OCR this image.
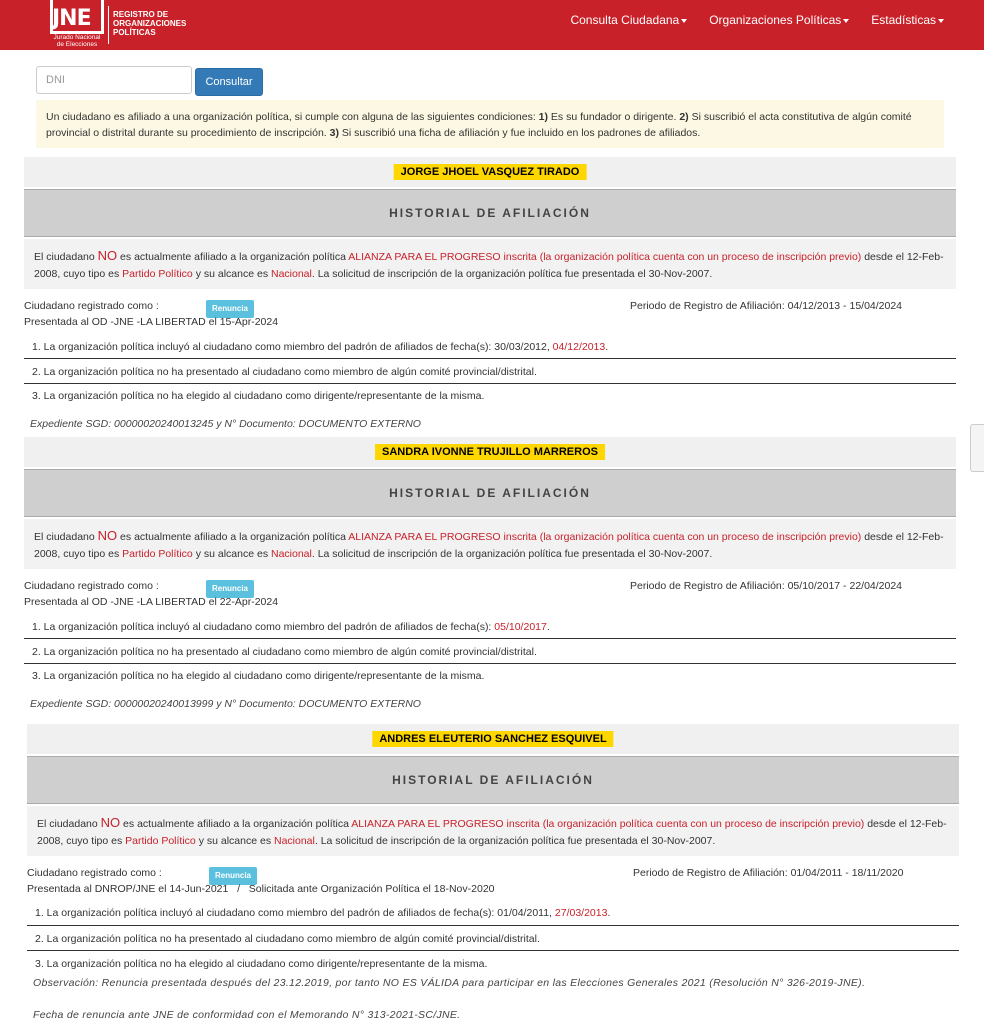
JNE
Jurado Nacional de Elecciones
REGISTRO DE ORGANIZACIONES POLÍTICAS
Consulta Ciudadana	Organizaciones Políticas	Estadísticas
DNI
Consultar
Un ciudadano es afiliado a una organización política, si cumple con alguna de las siguientes condiciones: 1) Es su fundador o dirigente. 2) Si suscribió el acta constitutiva de algún comité provincial o distrital durante su procedimiento de inscripción. 3) Si suscribió una ficha de afiliación y fue incluido en los padrones de afiliados.
JORGE JHOEL VASQUEZ TIRADO
HISTORIAL DE AFILIACIÓN
El ciudadano NO es actualmente afiliado a la organización política ALIANZA PARA EL PROGRESO inscrita (la organización política cuenta con un proceso de inscripción previo) desde el 12-Feb-2008, cuyo tipo es Partido Político y su alcance es Nacional. La solicitud de inscripción de la organización política fue presentada el 30-Nov-2007.
Ciudadano registrado como :	Renuncia	Periodo de Registro de Afiliación: 04/12/2013 - 15/04/2024
Presentada al OD -JNE -LA LIBERTAD el 15-Apr-2024
1. La organización política incluyó al ciudadano como miembro del padrón de afiliados de fecha(s): 30/03/2012, 04/12/2013.
2. La organización política no ha presentado al ciudadano como miembro de algún comité provincial/distrital.
3. La organización política no ha elegido al ciudadano como dirigente/representante de la misma.
Expediente SGD: 00000020240013245 y N° Documento: DOCUMENTO EXTERNO
SANDRA IVONNE TRUJILLO MARREROS
HISTORIAL DE AFILIACIÓN
El ciudadano NO es actualmente afiliado a la organización política ALIANZA PARA EL PROGRESO inscrita (la organización política cuenta con un proceso de inscripción previo) desde el 12-Feb-2008, cuyo tipo es Partido Político y su alcance es Nacional. La solicitud de inscripción de la organización política fue presentada el 30-Nov-2007.
Ciudadano registrado como :	Renuncia	Periodo de Registro de Afiliación: 05/10/2017 - 22/04/2024
Presentada al OD -JNE -LA LIBERTAD el 22-Apr-2024
1. La organización política incluyó al ciudadano como miembro del padrón de afiliados de fecha(s): 05/10/2017.
2. La organización política no ha presentado al ciudadano como miembro de algún comité provincial/distrital.
3. La organización política no ha elegido al ciudadano como dirigente/representante de la misma.
Expediente SGD: 00000020240013999 y N° Documento: DOCUMENTO EXTERNO
ANDRES ELEUTERIO SANCHEZ ESQUIVEL
HISTORIAL DE AFILIACIÓN
El ciudadano NO es actualmente afiliado a la organización política ALIANZA PARA EL PROGRESO inscrita (la organización política cuenta con un proceso de inscripción previo) desde el 12-Feb-2008, cuyo tipo es Partido Político y su alcance es Nacional. La solicitud de inscripción de la organización política fue presentada el 30-Nov-2007.
Ciudadano registrado como :	Renuncia	Periodo de Registro de Afiliación: 01/04/2011 - 18/11/2020
Presentada al DNROP/JNE el 14-Jun-2021   /   Solicitada ante Organización Política el 18-Nov-2020
1. La organización política incluyó al ciudadano como miembro del padrón de afiliados de fecha(s): 01/04/2011, 27/03/2013.
2. La organización política no ha presentado al ciudadano como miembro de algún comité provincial/distrital.
3. La organización política no ha elegido al ciudadano como dirigente/representante de la misma.
Observación: Renuncia presentada después del 23.12.2019, por tanto NO ES VÁLIDA para participar en las Elecciones Generales 2021 (Resolución N° 326-2019-JNE).
Fecha de renuncia ante JNE de conformidad con el Memorando N° 313-2021-SC/JNE.
